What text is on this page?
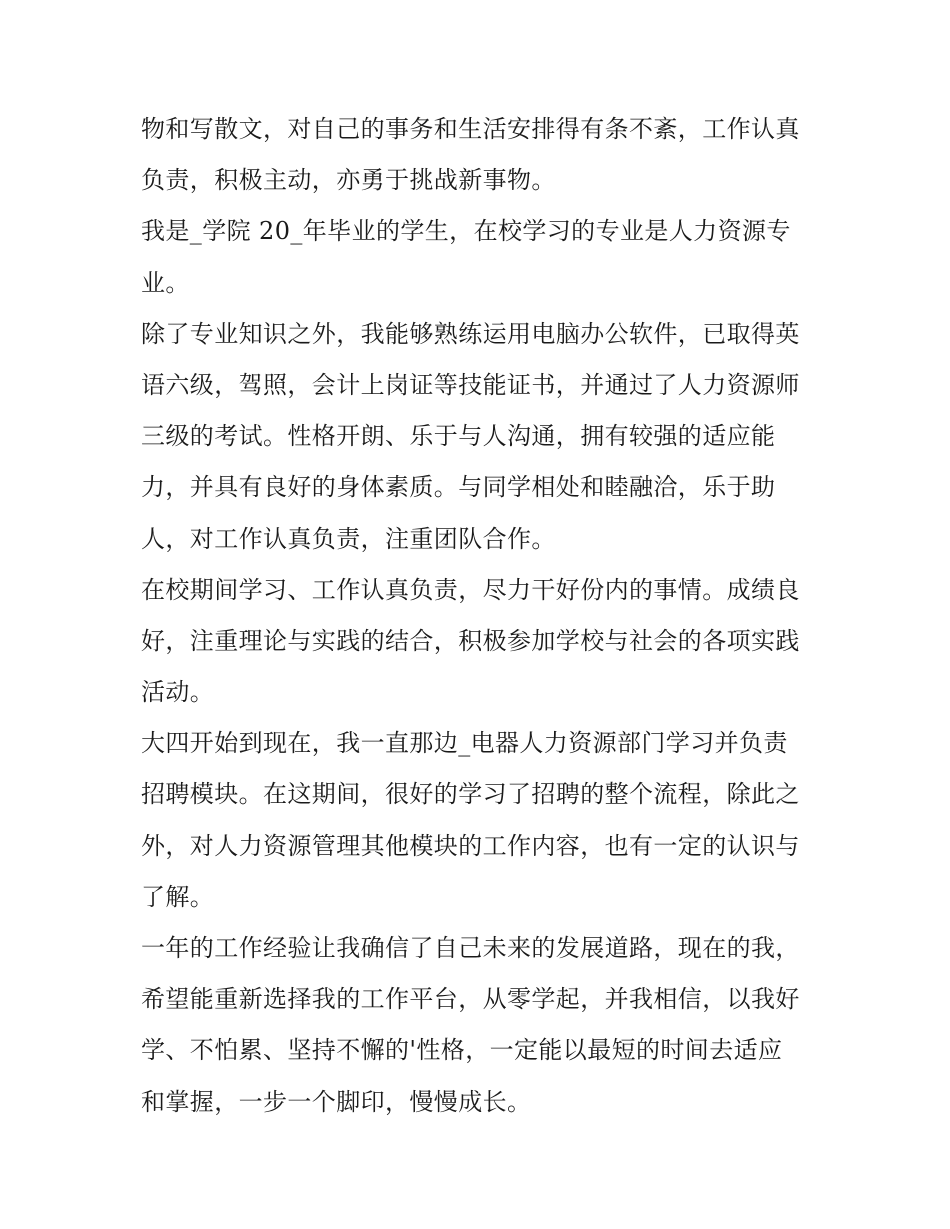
物和写散文，对自己的事务和生活安排得有条不紊，工作认真
负责，积极主动，亦勇于挑战新事物。
我是_学院 20_年毕业的学生，在校学习的专业是人力资源专
业。
除了专业知识之外，我能够熟练运用电脑办公软件，已取得英
语六级，驾照，会计上岗证等技能证书，并通过了人力资源师
三级的考试。性格开朗、乐于与人沟通，拥有较强的适应能
力，并具有良好的身体素质。与同学相处和睦融洽，乐于助
人，对工作认真负责，注重团队合作。
在校期间学习、工作认真负责，尽力干好份内的事情。成绩良
好，注重理论与实践的结合，积极参加学校与社会的各项实践
活动。
大四开始到现在，我一直那边_电器人力资源部门学习并负责
招聘模块。在这期间，很好的学习了招聘的整个流程，除此之
外，对人力资源管理其他模块的工作内容，也有一定的认识与
了解。
一年的工作经验让我确信了自己未来的发展道路，现在的我，
希望能重新选择我的工作平台，从零学起，并我相信，以我好
学、不怕累、坚持不懈的'性格，一定能以最短的时间去适应
和掌握，一步一个脚印，慢慢成长。
